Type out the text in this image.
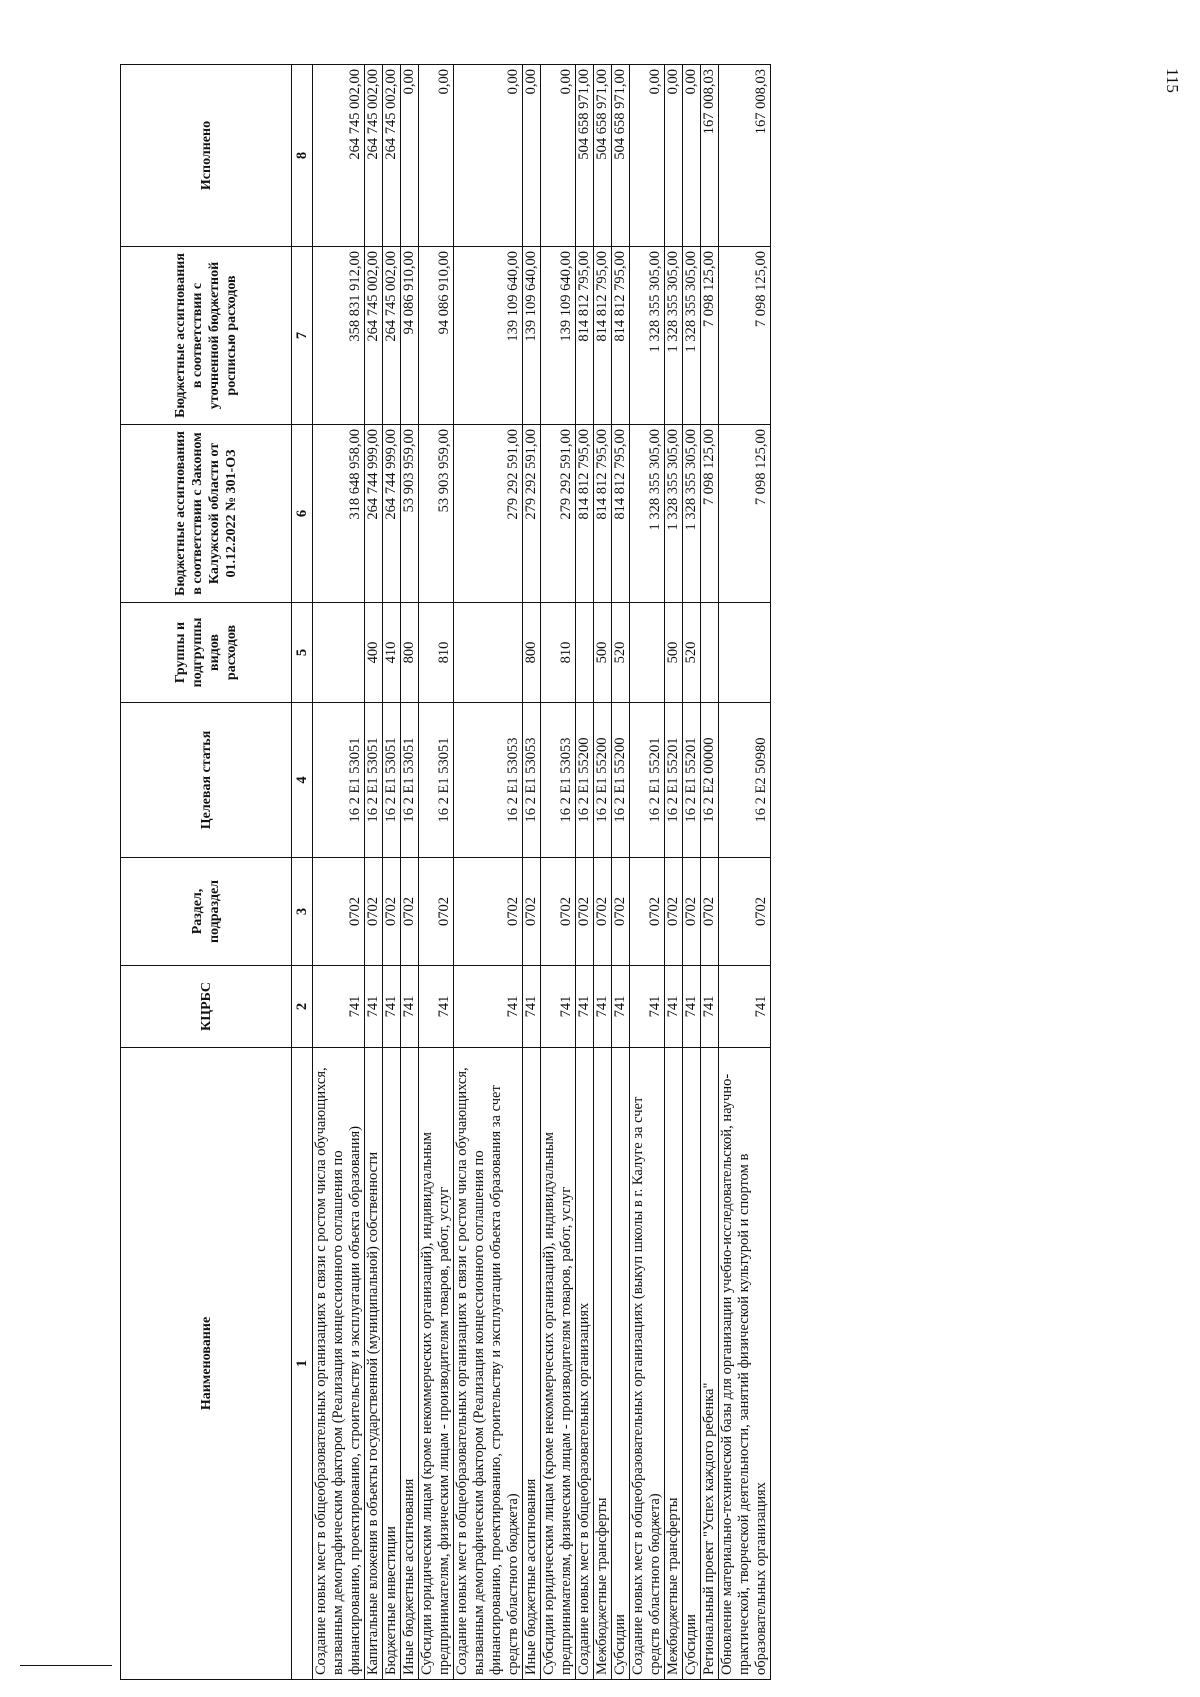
115
Наименование	КЦРБС	Раздел, подраздел	Целевая статья	Группы и подгруппы видов расходов	Бюджетные ассигнования в соответствии с Законом Калужской области от 01.12.2022 № 301-ОЗ	Бюджетные ассигнования в соответствии с уточненной бюджетной росписью расходов	Исполнено
1	2	3	4	5	6	7	8
Создание новых мест в общеобразовательных организациях в связи с ростом числа обучающихся, вызванным демографическим фактором (Реализация концессионного соглашения по финансированию, проектированию, строительству и эксплуатации объекта образования)	741	0702	16 2 E1 53051		318 648 958,00	358 831 912,00	264 745 002,00
Капитальные вложения в объекты государственной (муниципальной) собственности	741	0702	16 2 E1 53051	400	264 744 999,00	264 745 002,00	264 745 002,00
Бюджетные инвестиции	741	0702	16 2 E1 53051	410	264 744 999,00	264 745 002,00	264 745 002,00
Иные бюджетные ассигнования	741	0702	16 2 E1 53051	800	53 903 959,00	94 086 910,00	0,00
Субсидии юридическим лицам (кроме некоммерческих организаций), индивидуальным предпринимателям, физическим лицам - производителям товаров, работ, услуг	741	0702	16 2 E1 53051	810	53 903 959,00	94 086 910,00	0,00
Создание новых мест в общеобразовательных организациях в связи с ростом числа обучающихся, вызванным демографическим фактором (Реализация концессионного соглашения по финансированию, проектированию, строительству и эксплуатации объекта образования за счет средств областного бюджета)	741	0702	16 2 E1 53053		279 292 591,00	139 109 640,00	0,00
Иные бюджетные ассигнования	741	0702	16 2 E1 53053	800	279 292 591,00	139 109 640,00	0,00
Субсидии юридическим лицам (кроме некоммерческих организаций), индивидуальным предпринимателям, физическим лицам - производителям товаров, работ, услуг	741	0702	16 2 E1 53053	810	279 292 591,00	139 109 640,00	0,00
Создание новых мест в общеобразовательных организациях	741	0702	16 2 E1 55200		814 812 795,00	814 812 795,00	504 658 971,00
Межбюджетные трансферты	741	0702	16 2 E1 55200	500	814 812 795,00	814 812 795,00	504 658 971,00
Субсидии	741	0702	16 2 E1 55200	520	814 812 795,00	814 812 795,00	504 658 971,00
Создание новых мест в общеобразовательных организациях (выкуп школы в г. Калуге за счет средств областного бюджета)	741	0702	16 2 E1 55201		1 328 355 305,00	1 328 355 305,00	0,00
Межбюджетные трансферты	741	0702	16 2 E1 55201	500	1 328 355 305,00	1 328 355 305,00	0,00
Субсидии	741	0702	16 2 E1 55201	520	1 328 355 305,00	1 328 355 305,00	0,00
Региональный проект "Успех каждого ребенка"	741	0702	16 2 E2 00000		7 098 125,00	7 098 125,00	167 008,03
Обновление материально-технической базы для организации учебно-исследовательской, научно-практической, творческой деятельности, занятий физической культурой и спортом в образовательных организациях	741	0702	16 2 E2 50980		7 098 125,00	7 098 125,00	167 008,03
